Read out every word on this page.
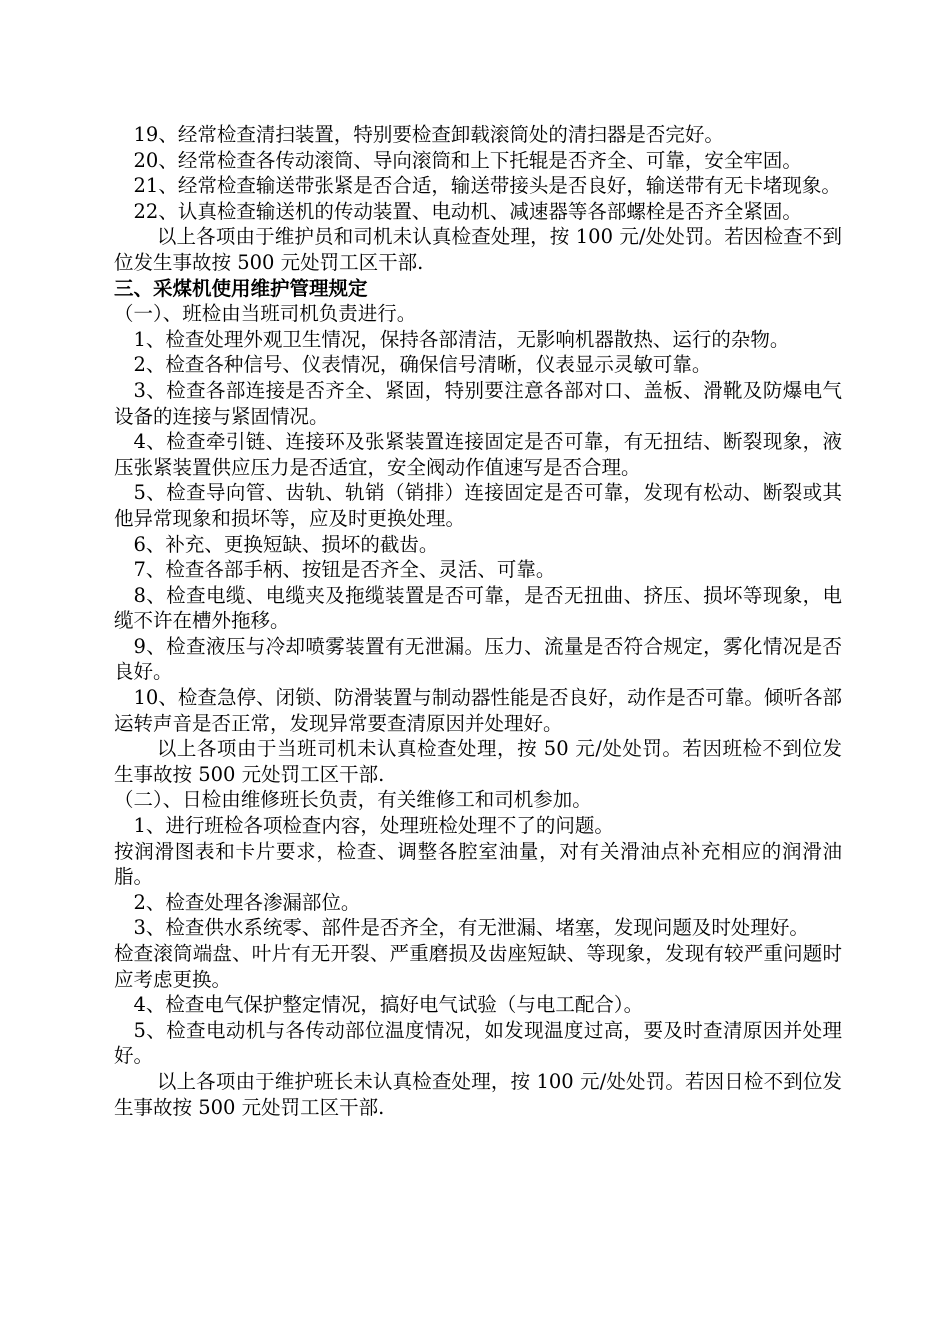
19、经常检查清扫装置，特别要检查卸载滚筒处的清扫器是否完好。

20、经常检查各传动滚筒、导向滚筒和上下托辊是否齐全、可靠，安全牢固。

21、经常检查输送带张紧是否合适，输送带接头是否良好，输送带有无卡堵现象。

22、认真检查输送机的传动装置、电动机、减速器等各部螺栓是否齐全紧固。

以上各项由于维护员和司机未认真检查处理，按 100 元/处处罚。若因检查不到位发生事故按 500 元处罚工区干部.

三、采煤机使用维护管理规定

（一）、班检由当班司机负责进行。

1、检查处理外观卫生情况，保持各部清洁，无影响机器散热、运行的杂物。

2、检查各种信号、仪表情况，确保信号清晰，仪表显示灵敏可靠。

3、检查各部连接是否齐全、紧固，特别要注意各部对口、盖板、滑靴及防爆电气设备的连接与紧固情况。

4、检查牵引链、连接环及张紧装置连接固定是否可靠，有无扭结、断裂现象，液压张紧装置供应压力是否适宜，安全阀动作值速写是否合理。

5、检查导向管、齿轨、轨销（销排）连接固定是否可靠，发现有松动、断裂或其他异常现象和损坏等，应及时更换处理。

6、补充、更换短缺、损坏的截齿。

7、检查各部手柄、按钮是否齐全、灵活、可靠。

8、检查电缆、电缆夹及拖缆装置是否可靠，是否无扭曲、挤压、损坏等现象，电缆不许在槽外拖移。

9、检查液压与冷却喷雾装置有无泄漏。压力、流量是否符合规定，雾化情况是否良好。

10、检查急停、闭锁、防滑装置与制动器性能是否良好，动作是否可靠。倾听各部运转声音是否正常，发现异常要查清原因并处理好。

以上各项由于当班司机未认真检查处理，按 50 元/处处罚。若因班检不到位发生事故按 500 元处罚工区干部.

（二）、日检由维修班长负责，有关维修工和司机参加。

1、进行班检各项检查内容，处理班检处理不了的问题。

按润滑图表和卡片要求，检查、调整各腔室油量，对有关滑油点补充相应的润滑油脂。

2、检查处理各渗漏部位。

3、检查供水系统零、部件是否齐全，有无泄漏、堵塞，发现问题及时处理好。

检查滚筒端盘、叶片有无开裂、严重磨损及齿座短缺、等现象，发现有较严重问题时应考虑更换。

4、检查电气保护整定情况，搞好电气试验（与电工配合）。

5、检查电动机与各传动部位温度情况，如发现温度过高，要及时查清原因并处理好。

以上各项由于维护班长未认真检查处理，按 100 元/处处罚。若因日检不到位发生事故按 500 元处罚工区干部.
